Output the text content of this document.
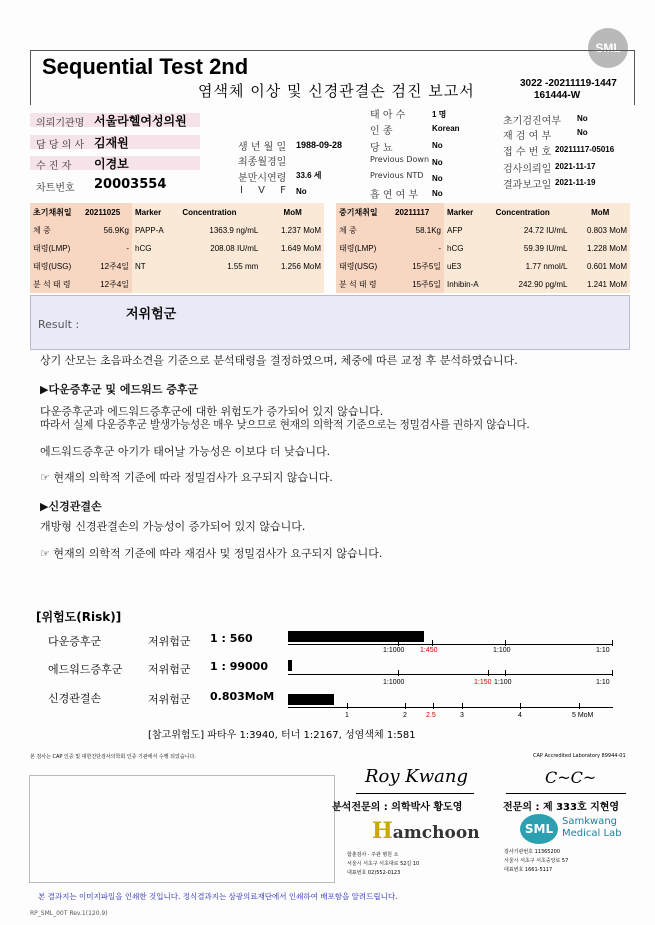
SML
Sequential Test 2nd
염색체 이상 및 신경관결손 검진 보고서	3022 -20211119-1447
161444-W
의뢰기관명 서울라헬여성의원
담 당 의 사 김재원
수 진 자 이경보
차트번호 20003554
생 년 월 일 1988-09-28
최종월경일
분만시연령 33.6 세
I V F No
태 아 수	1 명
인 종	Korean
당 뇨	No
Previous Down No
Previous NTD No
흡 연 여 부 No
초기검진여부 No
재 검 여 부	No
접 수 번 호 20211117-05016
검사의뢰일 2021-11-17
결과보고일 2021-11-19
초기채취일	20211025	Marker	Concentration	MoM
체 중	56.9Kg	PAPP-A	1363.9 ng/mL	1.237 MoM
태령(LMP)	-	hCG	208.08 IU/mL	1.649 MoM
태령(USG)	12주4일	NT	1.55 mm	1.256 MoM
분 석 태 령	12주4일			
중기채취일	20211117	Marker	Concentration	MoM
체 중	58.1Kg	AFP	24.72 IU/mL	0.803 MoM
태령(LMP)	-	hCG	59.39 IU/mL	1.228 MoM
태령(USG)	15주5일	uE3	1.77 nmol/L	0.601 MoM
분 석 태 령	15주5일	Inhibin-A	242.90 pg/mL	1.241 MoM
Result :
저위험군
상기 산모는 초음파소견을 기준으로 분석태령을 결정하였으며, 체중에 따른 교정 후 분석하였습니다.
▶다운증후군 및 에드워드 증후군
다운증후군과 에드워드증후군에 대한 위험도가 증가되어 있지 않습니다.
따라서 실제 다운증후군 발생가능성은 매우 낮으므로 현재의 의학적 기준으로는 정밀검사를 권하지 않습니다.
에드워드증후군 아기가 태어날 가능성은 이보다 더 낮습니다.
☞ 현재의 의학적 기준에 따라 정밀검사가 요구되지 않습니다.
▶신경관결손
개방형 신경관결손의 가능성이 증가되어 있지 않습니다.
☞ 현재의 의학적 기준에 따라 재검사 및 정밀검사가 요구되지 않습니다.
[위험도(Risk)]
다운증후군	저위험군 1 : 560
1:1000 1:450	1:100	1:10
에드워드증후군 저위험군 1 : 99000
1:1000	1:150 1:100	1:10
신경관결손	저위험군 0.803MoM
1	2	2.5	3	4	5 MoM
[참고위험도] 파타우 1:3940, 터너 1:2167, 성염색체 1:581
본 검사는 CAP 인증 및 대한진단검사의학회 인증 기관에서 수행 되었습니다.	CAP Accredited Laboratory 89944-01
Roy Kwang
분석전문의 : 의학박사 황도영
C~C~
전문의 : 제 333호 지현영
Hamchoon	SML
Samkwang
Medical Lab
함춘검사 · 주관 병원 소
서울시 서초구 서초대로 52길 10
대표번호 02)552-0123
검사기관번호 11365200
서울시 서초구 서초중앙로 57
대표번호 1661-5117
본 결과지는 이미지파일을 인쇄한 것입니다. 정식결과지는 삼광의료재단에서 인쇄하여 배포함을 알려드립니다.
RP_SML_00T Rev.1(120.9)
